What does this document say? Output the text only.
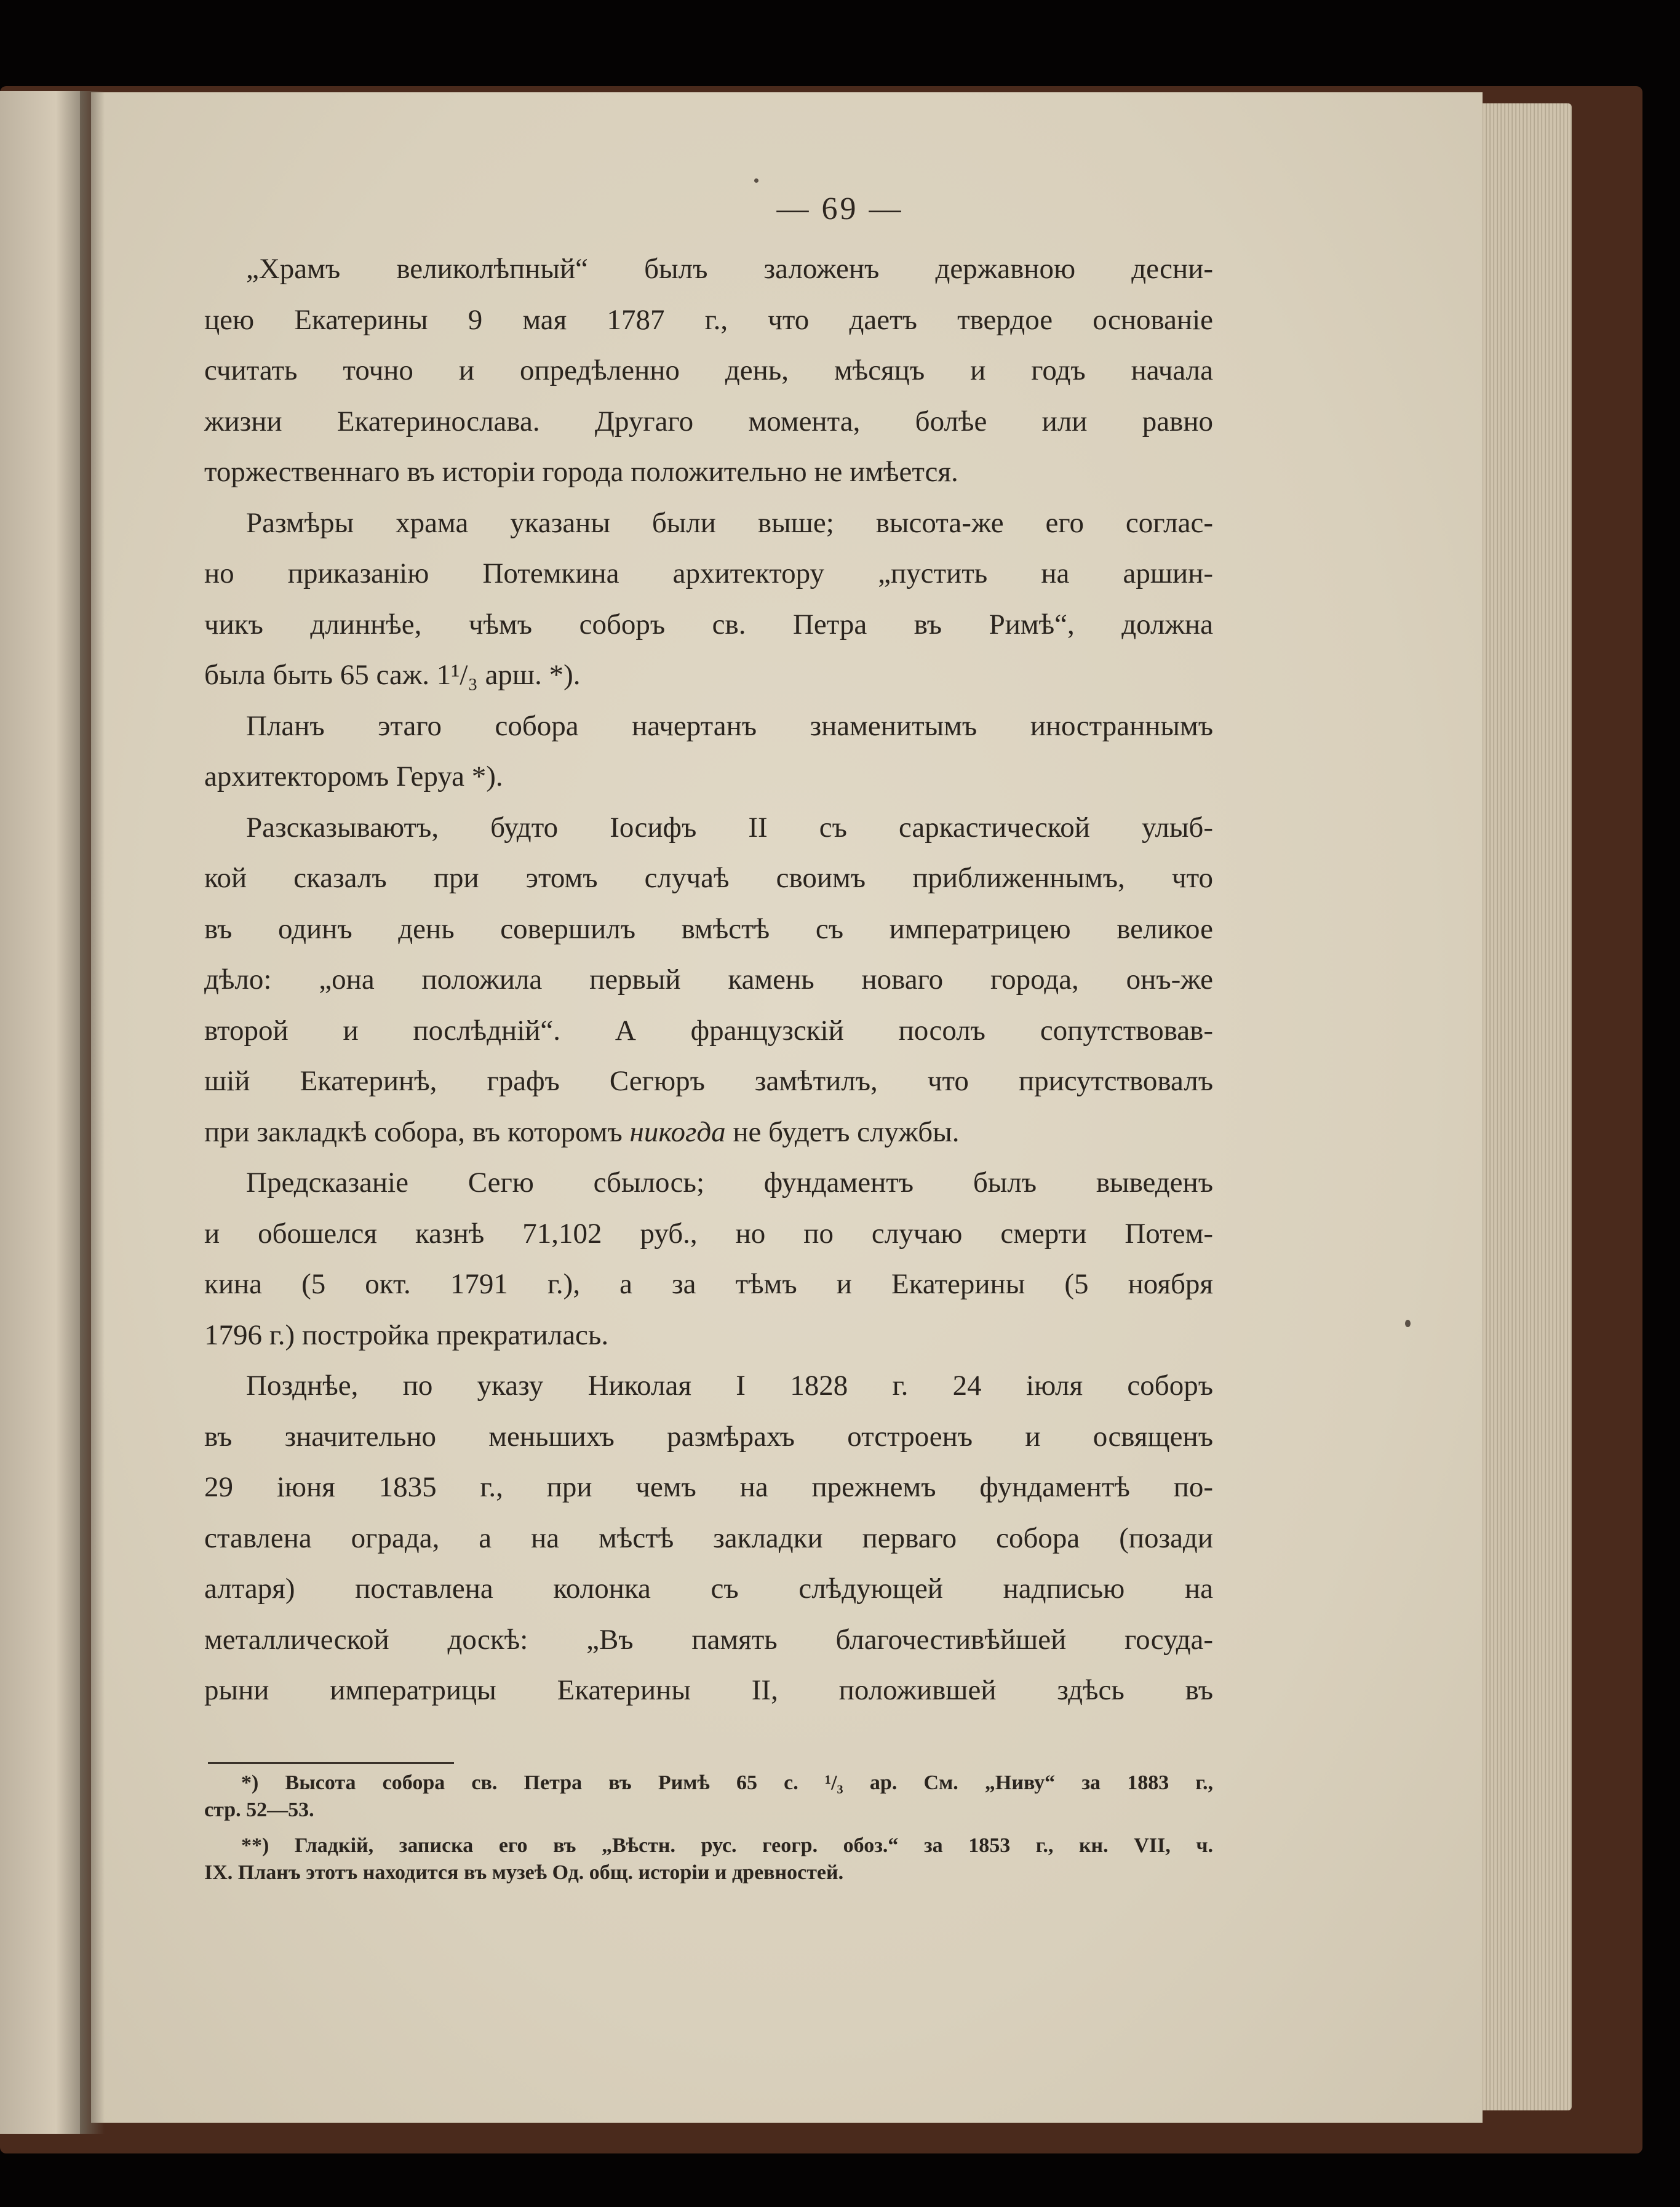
— 69 —
„Храмъ великолѣпный“ былъ заложенъ державною десни-
цею Екатерины 9 мая 1787 г., что даетъ твердое основанiе
считать точно и опредѣленно день, мѣсяцъ и годъ начала
жизни Екатеринослава. Другаго момента, болѣе или равно
торжественнаго въ исторiи города положительно не имѣется.
Размѣры храма указаны были выше; высота-же его соглас-
но приказанiю Потемкина архитектору „пустить на аршин-
чикъ длиннѣе, чѣмъ соборъ св. Петра въ Римѣ“, должна
была быть 65 саж. 1¹/₃ арш. *).
Планъ этаго собора начертанъ знаменитымъ иностраннымъ
архитекторомъ Геруа *).
Разсказываютъ, будто Iосифъ II съ саркастической улыб-
кой сказалъ при этомъ случаѣ своимъ приближеннымъ, что
въ одинъ день совершилъ вмѣстѣ съ императрицею великое
дѣло: „она положила первый камень новаго города, онъ-же
второй и послѣднiй“. А французскiй посолъ сопутствовав-
шiй Екатеринѣ, графъ Сегюръ замѣтилъ, что присутствовалъ
при закладкѣ собора, въ которомъ никогда не будетъ службы.
Предсказанiе Сегю сбылось; фундаментъ былъ выведенъ
и обошелся казнѣ 71,102 руб., но по случаю смерти Потем-
кина (5 окт. 1791 г.), а за тѣмъ и Екатерины (5 ноября
1796 г.) постройка прекратилась.
Позднѣе, по указу Николая I 1828 г. 24 iюля соборъ
въ значительно меньшихъ размѣрахъ отстроенъ и освященъ
29 iюня 1835 г., при чемъ на прежнемъ фундаментѣ по-
ставлена ограда, а на мѣстѣ закладки перваго собора (позади
алтаря) поставлена колонка съ слѣдующей надписью на
металлической доскѣ: „Въ память благочестивѣйшей госуда-
рыни императрицы Екатерины II, положившей здѣсь въ
*) Высота собора св. Петра въ Римѣ 65 с. ¹/₃ ар. См. „Ниву“ за 1883 г.,
стр. 52—53.
**) Гладкiй, записка его въ „Вѣстн. рус. геогр. обоз.“ за 1853 г., кн. VII, ч.
IX. Планъ этотъ находится въ музеѣ Од. общ. исторiи и древностей.
